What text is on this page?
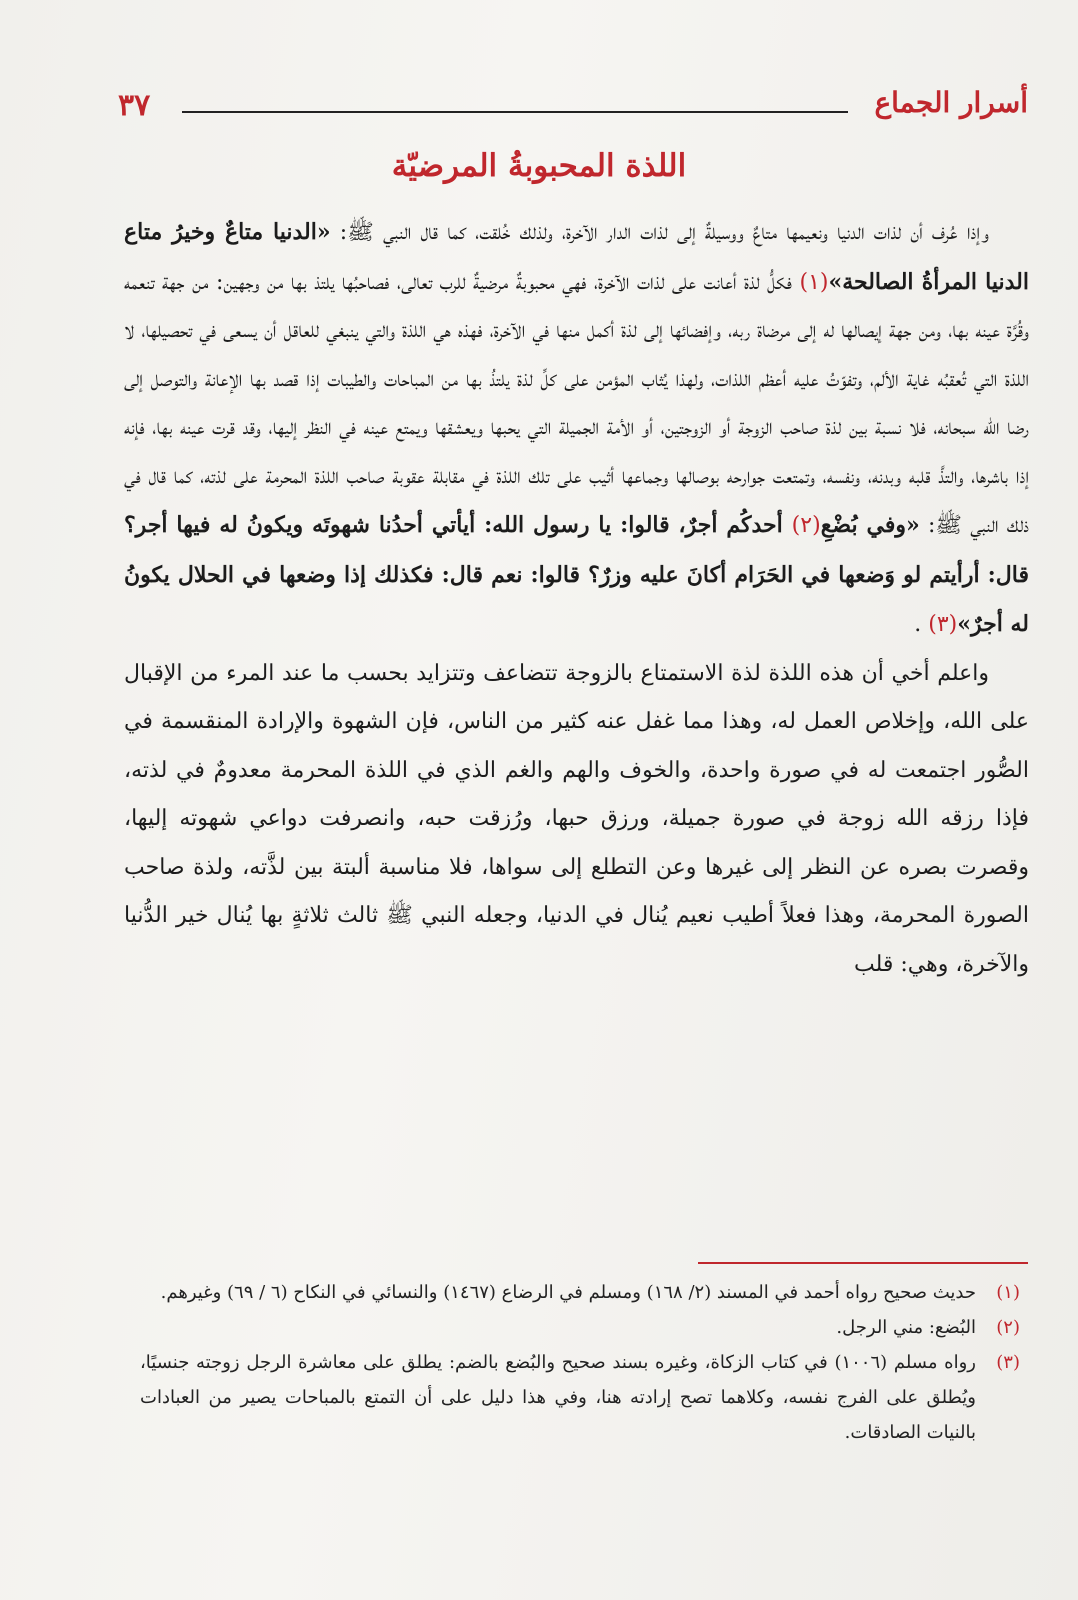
٣٧	أسرار الجماع
اللذة المحبوبةُ المرضيّة

وإذا عُرف أن لذات الدنيا ونعيمها متاعٌ ووسيلةٌ إلى لذات الدار الآخرة، ولذلك خُلقت، كما قال النبي ﷺ: «الدنيا متاعٌ وخيرُ متاع الدنيا المرأةُ الصالحة»(١) فكلُّ لذة أعانت على لذات الآخرة، فهي محبوبةٌ مرضيةٌ للرب تعالى، فصاحبُها يلتذ بها من وجهين: من جهة تنعمه وقُرَّة عينه بها، ومن جهة إيصالها له إلى مرضاة ربه، وإفضائها إلى لذة أكمل منها في الآخرة، فهذه هي اللذة والتي ينبغي للعاقل أن يسعى في تحصيلها، لا اللذة التي تُعقبُه غاية الألم، وتفوّتُ عليه أعظم اللذات، ولهذا يُثاب المؤمن على كلِّ لذة يلتذُ بها من المباحات والطيبات إذا قصد بها الإعانة والتوصل إلى رضا الله سبحانه، فلا نسبة بين لذة صاحب الزوجة أو الزوجتين، أو الأمة الجميلة التي يحبها ويعشقها ويمتع عينه في النظر إليها، وقد قرت عينه بها، فإنه إذا باشرها، والتذَّ قلبه وبدنه، ونفسه، وتمتعت جوارحه بوصالها وجماعها أثيب على تلك اللذة في مقابلة عقوبة صاحب اللذة المحرمة على لذته، كما قال في ذلك النبي ﷺ: «وفي بُضْعِ(٢) أحدكُم أجرٌ، قالوا: يا رسول الله: أيأتي أحدُنا شهوتَه ويكونُ له فيها أجر؟ قال: أرأيتم لو وَضعها في الحَرَام أكانَ عليه وزرٌ؟ قالوا: نعم قال: فكذلك إذا وضعها في الحلال يكونُ له أجرٌ»(٣) .

واعلم أخي أن هذه اللذة لذة الاستمتاع بالزوجة تتضاعف وتتزايد بحسب ما عند المرء من الإقبال على الله، وإخلاص العمل له، وهذا مما غفل عنه كثير من الناس، فإن الشهوة والإرادة المنقسمة في الصُّور اجتمعت له في صورة واحدة، والخوف والهم والغم الذي في اللذة المحرمة معدومٌ في لذته، فإذا رزقه الله زوجة في صورة جميلة، ورزق حبها، ورُزقت حبه، وانصرفت دواعي شهوته إليها، وقصرت بصره عن النظر إلى غيرها وعن التطلع إلى سواها، فلا مناسبة ألبتة بين لذَّته، ولذة صاحب الصورة المحرمة، وهذا فعلاً أطيب نعيم يُنال في الدنيا، وجعله النبي ﷺ ثالث ثلاثةٍ بها يُنال خير الدُّنيا والآخرة، وهي: قلب

(١)
حديث صحيح رواه أحمد في المسند (٢/ ١٦٨) ومسلم في الرضاع (١٤٦٧) والنسائي في النكاح (٦ / ٦٩) وغيرهم.
(٢)
البُضع: مني الرجل.
(٣)
رواه مسلم (١٠٠٦) في كتاب الزكاة، وغيره بسند صحيح والبُضع بالضم: يطلق على معاشرة الرجل زوجته جنسيًا، ويُطلق على الفرج نفسه، وكلاهما تصح إرادته هنا، وفي هذا دليل على أن التمتع بالمباحات يصير من العبادات بالنيات الصادقات.
